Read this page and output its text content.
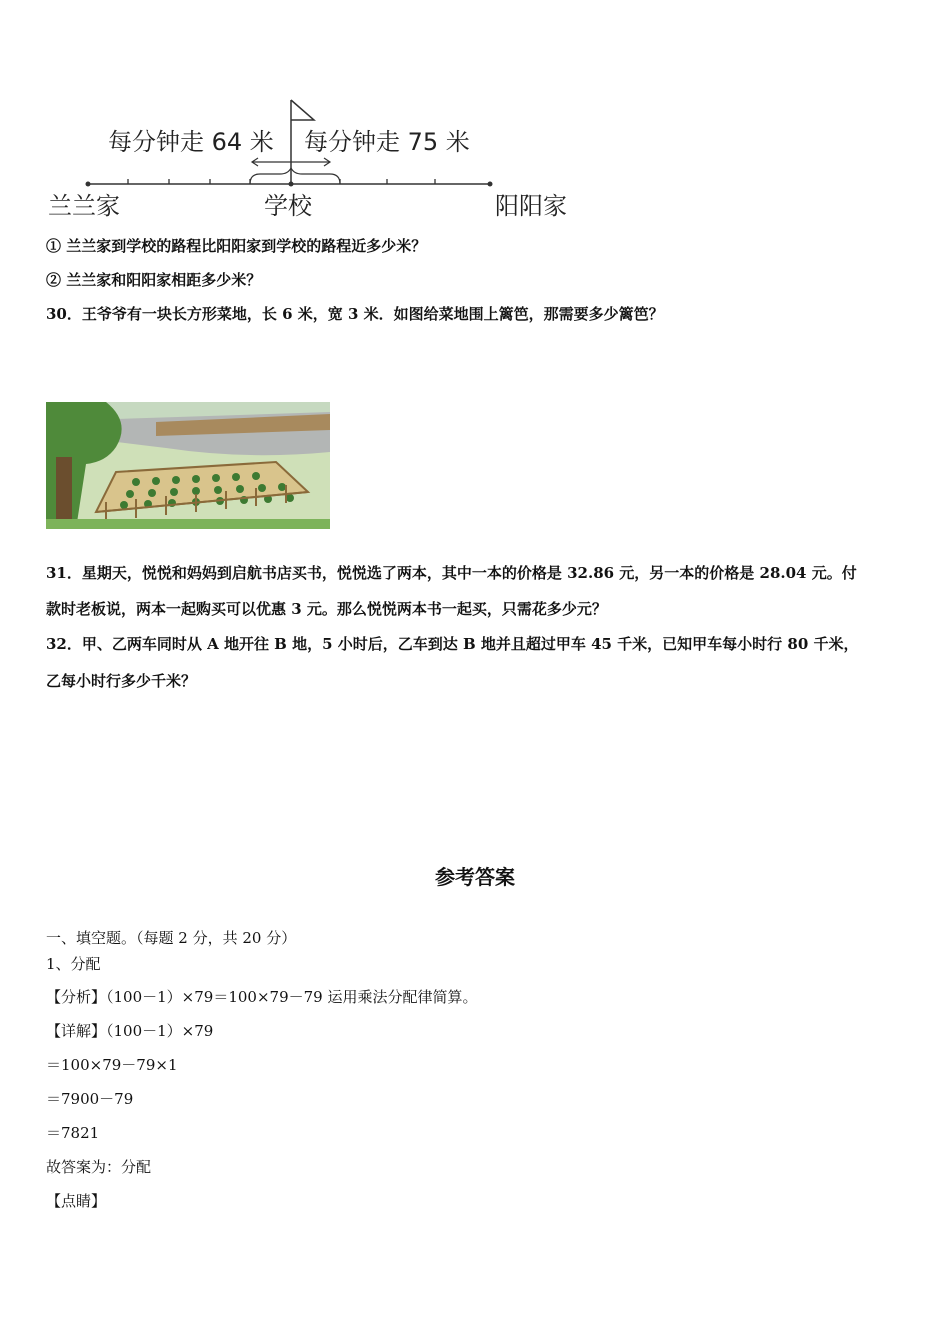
每分钟走 64 米 每分钟走 75 米
兰兰家	学校	阳阳家
① 兰兰家到学校的路程比阳阳家到学校的路程近多少米？
② 兰兰家和阳阳家相距多少米？
30．王爷爷有一块长方形菜地，长 6 米，宽 3 米．如图给菜地围上篱笆，那需要多少篱笆？
31．星期天，悦悦和妈妈到启航书店买书，悦悦选了两本，其中一本的价格是 32.86 元，另一本的价格是 28.04 元。付
款时老板说，两本一起购买可以优惠 3 元。那么悦悦两本书一起买，只需花多少元？
32．甲、乙两车同时从 A 地开往 B 地，5 小时后，乙车到达 B 地并且超过甲车 45 千米，已知甲车每小时行 80 千米，
乙每小时行多少千米？
参考答案
一、填空题。（每题 2 分，共 20 分）
1、分配
【分析】（100－1）×79＝100×79－79 运用乘法分配律简算。
【详解】（100－1）×79
＝100×79－79×1
＝7900－79
＝7821
故答案为：分配
【点睛】
